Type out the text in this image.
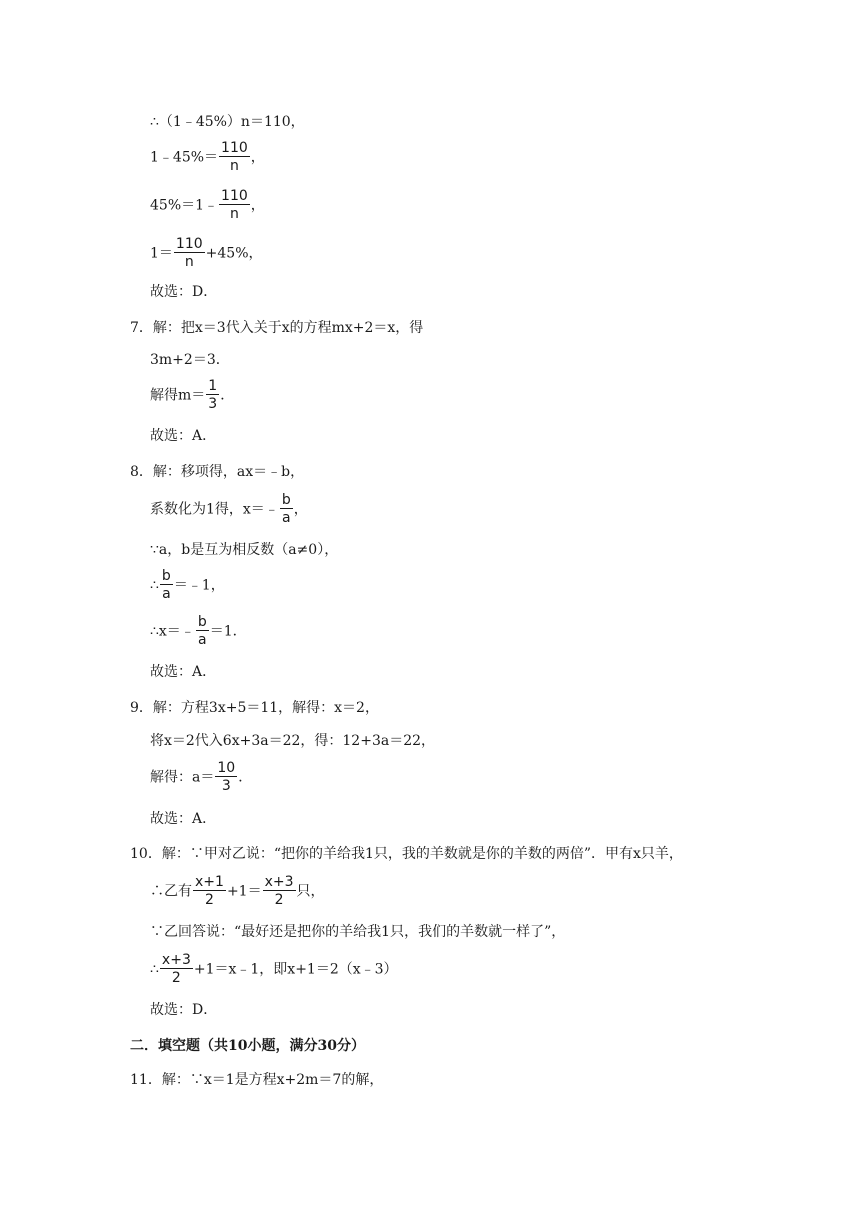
∴（1﹣45%）n＝110，
1﹣45%＝ $\frac{110}{n}$ ，
45%＝1﹣ $\frac{110}{n}$ ，
$1= \frac{110}{n} +45\%$，
故选：D．
7．解：把x＝3代入关于x的方程mx+2＝x，得
3m+2＝3．
解得$m= \frac{1}{3}$ ．
故选：A．
8．解：移项得，ax＝﹣b，
系数化为1得，x＝﹣ $\frac{b}{a}$ ，
∵a，b是互为相反数（a≠0），
∴ $\frac{b}{a}$ ＝﹣1，
∴x＝﹣ $\frac{b}{a} =1$．
故选：A．
9．解：方程3x+5＝11，解得：x＝2，
将x＝2代入6x+3a＝22，得：12+3a＝22，
解得：$a= \frac{10}{3}$ ．
故选：A．
10．解：∵甲对乙说：“把你的羊给我1只，我的羊数就是你的羊数的两倍”．甲有x只羊，
∴乙有 $\frac{x+1}{2} +1= \frac{x+3}{2}$ 只，
∵乙回答说：“最好还是把你的羊给我1只，我们的羊数就一样了”，
∴ $\frac{x+3}{2}$ +1＝x﹣1，即x+1＝2（x﹣3）
故选：D．
二．填空题（共10小题，满分30分）
11．解：∵x＝1是方程x+2m＝7的解，
